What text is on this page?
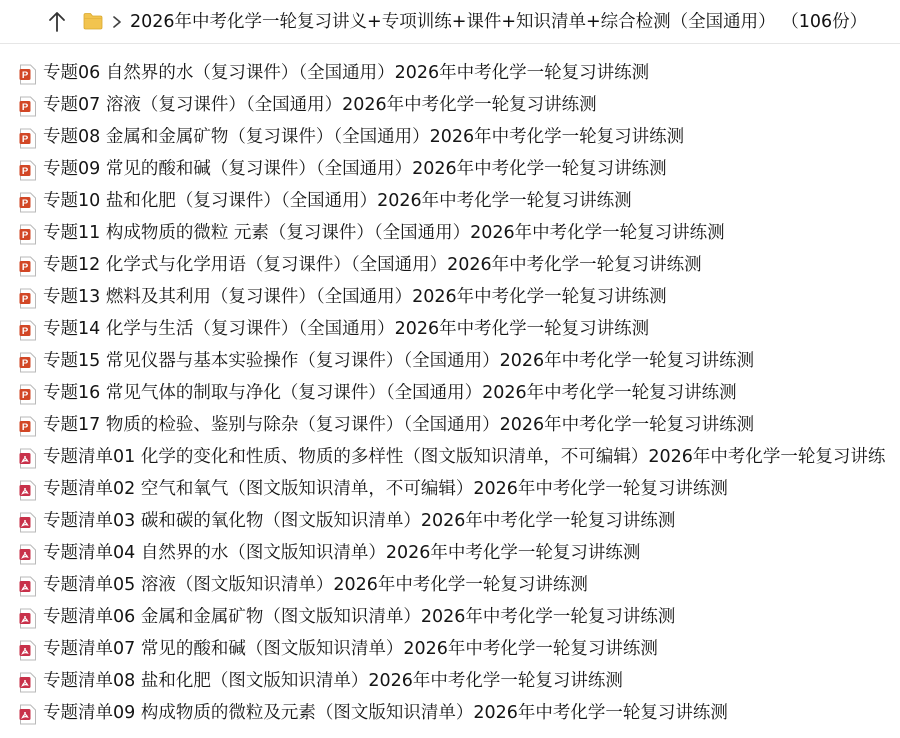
2026年中考化学一轮复习讲义+专项训练+课件+知识清单+综合检测（全国通用） （106份）
P 专题06 自然界的水（复习课件）（全国通用）2026年中考化学一轮复习讲练测
P 专题07 溶液（复习课件）（全国通用）2026年中考化学一轮复习讲练测
P 专题08 金属和金属矿物（复习课件）（全国通用）2026年中考化学一轮复习讲练测
P 专题09 常见的酸和碱（复习课件）（全国通用）2026年中考化学一轮复习讲练测
P 专题10 盐和化肥（复习课件）（全国通用）2026年中考化学一轮复习讲练测
P 专题11 构成物质的微粒 元素（复习课件）（全国通用）2026年中考化学一轮复习讲练测
P 专题12 化学式与化学用语（复习课件）（全国通用）2026年中考化学一轮复习讲练测
P 专题13 燃料及其利用（复习课件）（全国通用）2026年中考化学一轮复习讲练测
P 专题14 化学与生活（复习课件）（全国通用）2026年中考化学一轮复习讲练测
P 专题15 常见仪器与基本实验操作（复习课件）（全国通用）2026年中考化学一轮复习讲练测
P 专题16 常见气体的制取与净化（复习课件）（全国通用）2026年中考化学一轮复习讲练测
P 专题17 物质的检验、鉴别与除杂（复习课件）（全国通用）2026年中考化学一轮复习讲练测
专题清单01 化学的变化和性质、物质的多样性（图文版知识清单，不可编辑）2026年中考化学一轮复习讲练
专题清单02 空气和氧气（图文版知识清单，不可编辑）2026年中考化学一轮复习讲练测
专题清单03 碳和碳的氧化物（图文版知识清单）2026年中考化学一轮复习讲练测
专题清单04 自然界的水（图文版知识清单）2026年中考化学一轮复习讲练测
专题清单05 溶液（图文版知识清单）2026年中考化学一轮复习讲练测
专题清单06 金属和金属矿物（图文版知识清单）2026年中考化学一轮复习讲练测
专题清单07 常见的酸和碱（图文版知识清单）2026年中考化学一轮复习讲练测
专题清单08 盐和化肥（图文版知识清单）2026年中考化学一轮复习讲练测
专题清单09 构成物质的微粒及元素（图文版知识清单）2026年中考化学一轮复习讲练测
